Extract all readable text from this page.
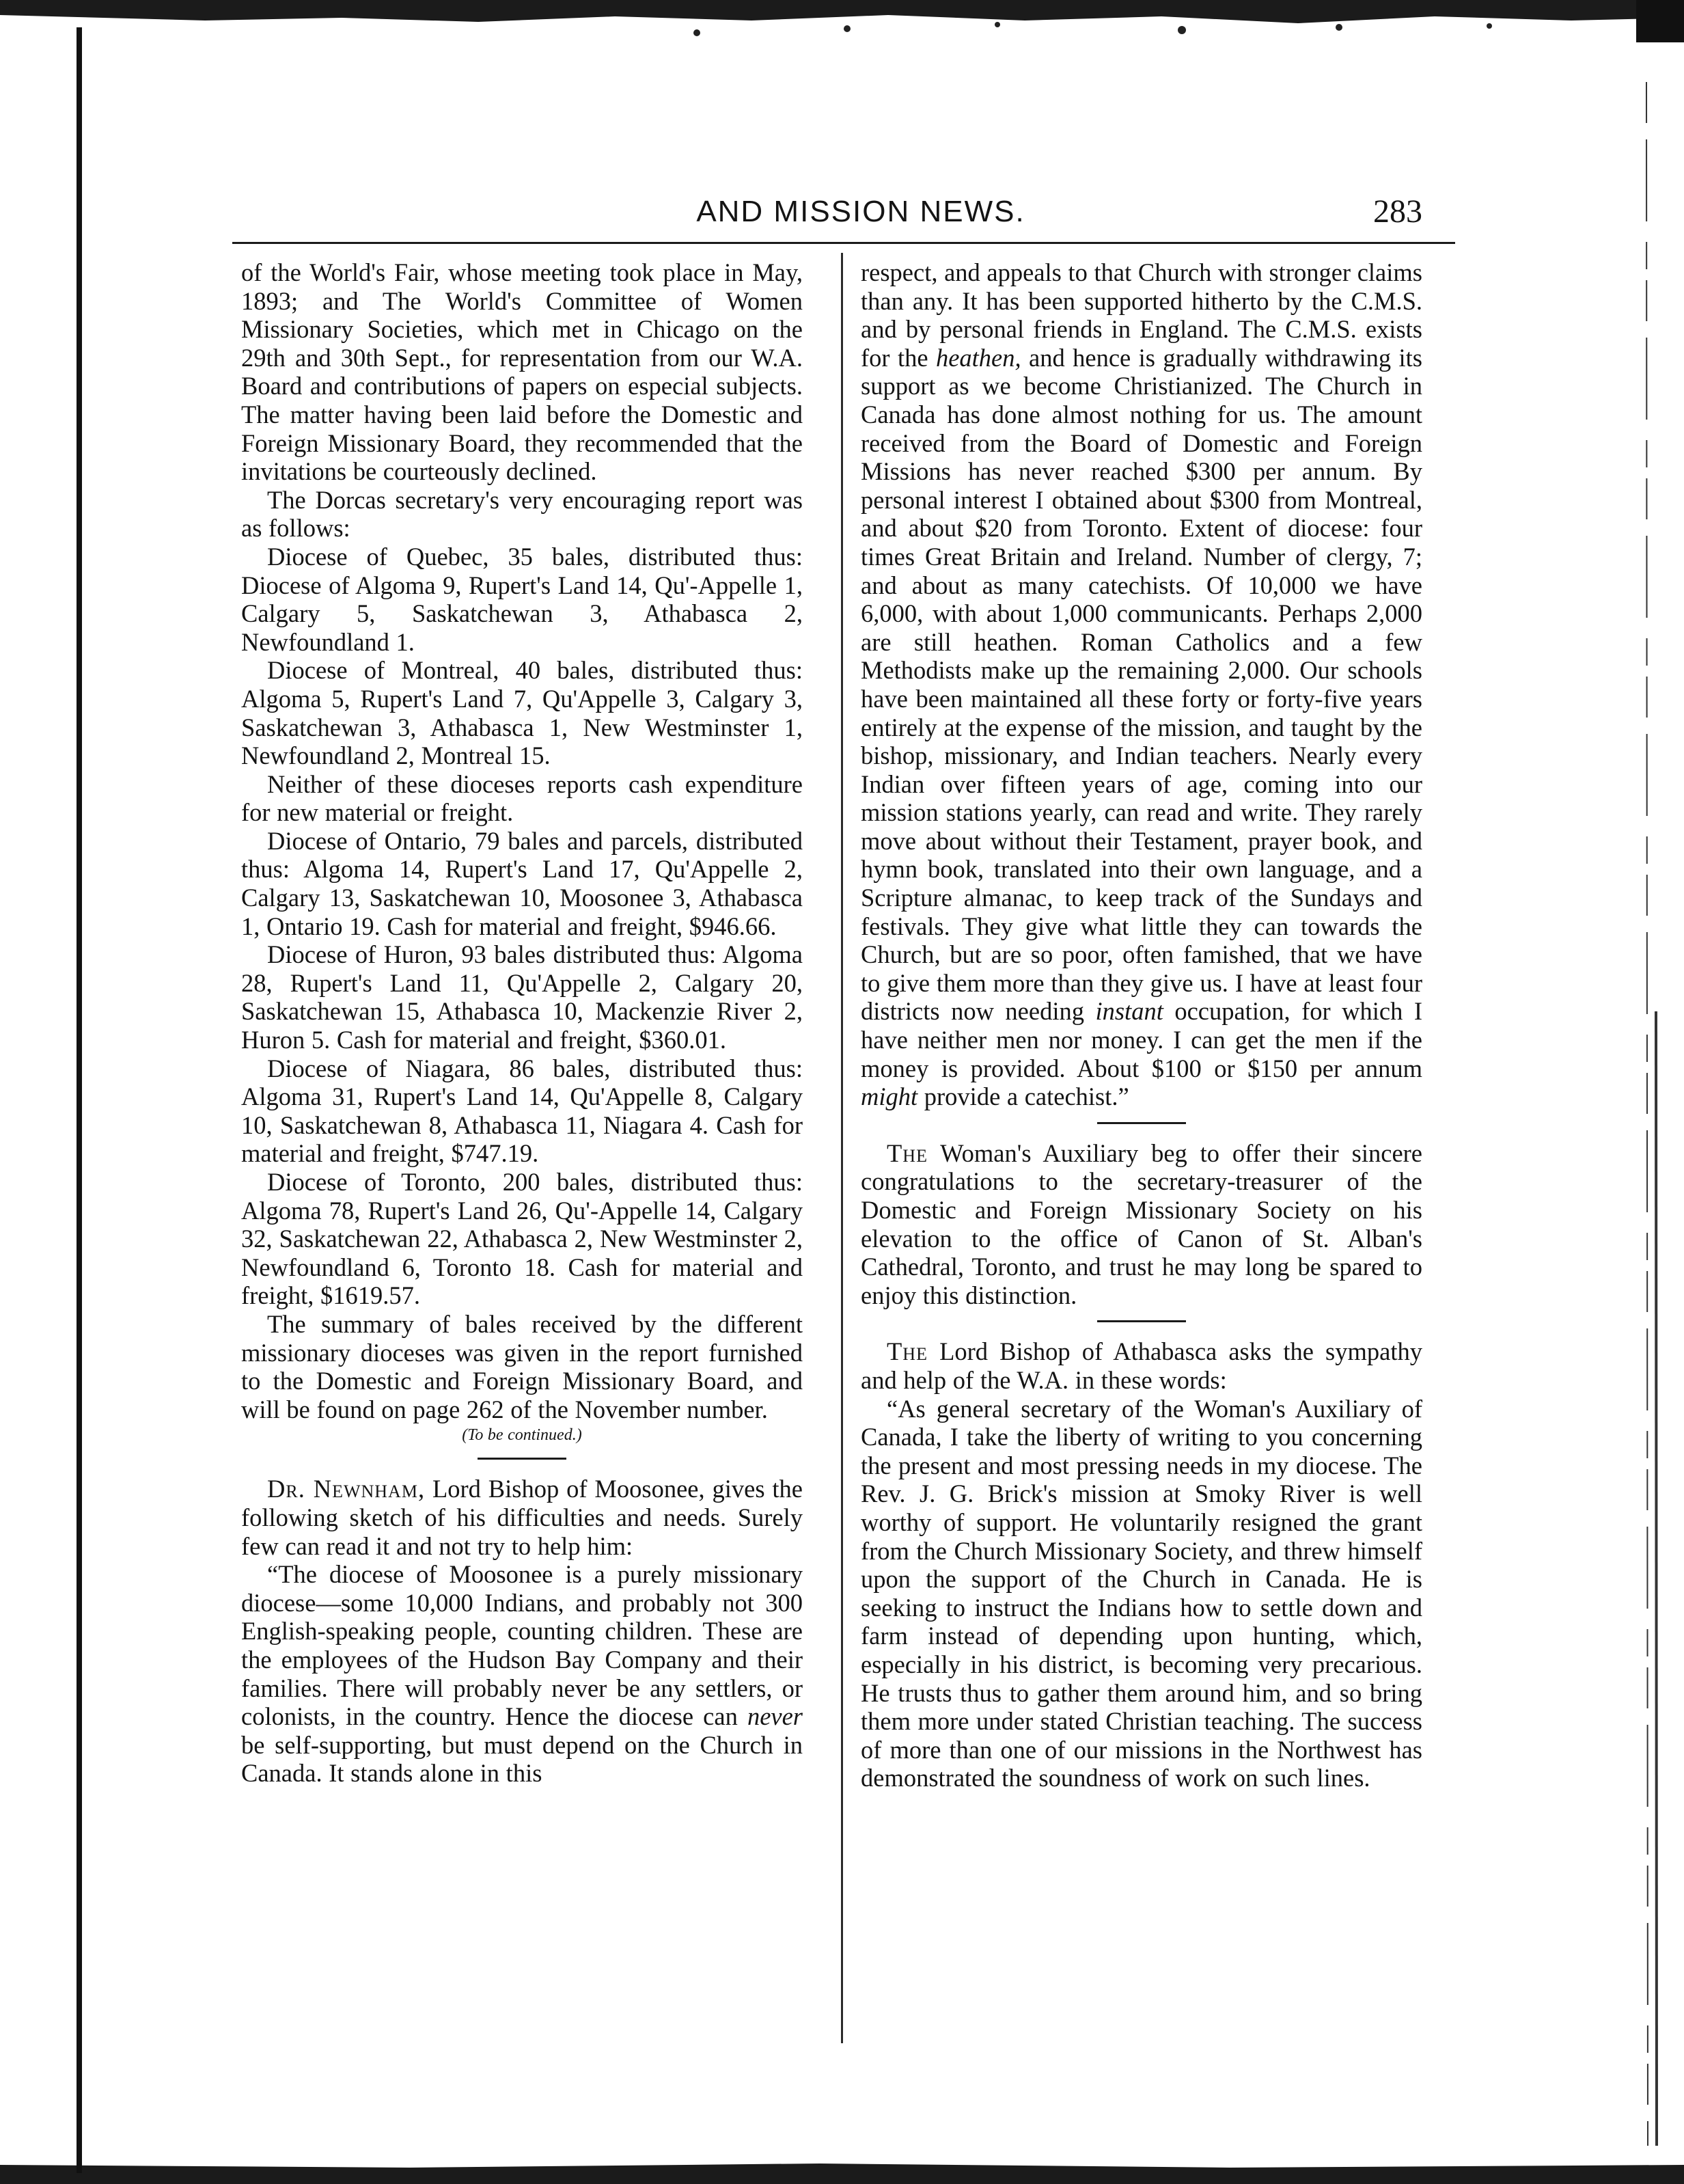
AND MISSION NEWS.	283

of the World's Fair, whose meeting took place in May, 1893; and The World's Committee of Women Missionary Societies, which met in Chicago on the 29th and 30th Sept., for representation from our W.A. Board and contributions of papers on especial subjects. The matter having been laid before the Domestic and Foreign Missionary Board, they recommended that the invitations be courteously declined.

The Dorcas secretary's very encouraging report was as follows:

Diocese of Quebec, 35 bales, distributed thus: Diocese of Algoma 9, Rupert's Land 14, Qu'-Appelle 1, Calgary 5, Saskatchewan 3, Athabasca 2, Newfoundland 1.

Diocese of Montreal, 40 bales, distributed thus: Algoma 5, Rupert's Land 7, Qu'Appelle 3, Calgary 3, Saskatchewan 3, Athabasca 1, New Westminster 1, Newfoundland 2, Montreal 15.

Neither of these dioceses reports cash expenditure for new material or freight.

Diocese of Ontario, 79 bales and parcels, distributed thus: Algoma 14, Rupert's Land 17, Qu'Appelle 2, Calgary 13, Saskatchewan 10, Moosonee 3, Athabasca 1, Ontario 19. Cash for material and freight, $946.66.

Diocese of Huron, 93 bales distributed thus: Algoma 28, Rupert's Land 11, Qu'Appelle 2, Calgary 20, Saskatchewan 15, Athabasca 10, Mackenzie River 2, Huron 5. Cash for material and freight, $360.01.

Diocese of Niagara, 86 bales, distributed thus: Algoma 31, Rupert's Land 14, Qu'Appelle 8, Calgary 10, Saskatchewan 8, Athabasca 11, Niagara 4. Cash for material and freight, $747.19.

Diocese of Toronto, 200 bales, distributed thus: Algoma 78, Rupert's Land 26, Qu'-Appelle 14, Calgary 32, Saskatchewan 22, Athabasca 2, New Westminster 2, Newfoundland 6, Toronto 18. Cash for material and freight, $1619.57.

The summary of bales received by the different missionary dioceses was given in the report furnished to the Domestic and Foreign Missionary Board, and will be found on page 262 of the November number.

(To be continued.)

Dr. Newnham, Lord Bishop of Moosonee, gives the following sketch of his difficulties and needs. Surely few can read it and not try to help him:

“The diocese of Moosonee is a purely missionary diocese—some 10,000 Indians, and probably not 300 English-speaking people, counting children. These are the employees of the Hudson Bay Company and their families. There will probably never be any settlers, or colonists, in the country. Hence the diocese can never be self-supporting, but must depend on the Church in Canada. It stands alone in this

respect, and appeals to that Church with stronger claims than any. It has been supported hitherto by the C.M.S. and by personal friends in England. The C.M.S. exists for the heathen, and hence is gradually withdrawing its support as we become Christianized. The Church in Canada has done almost nothing for us. The amount received from the Board of Domestic and Foreign Missions has never reached $300 per annum. By personal interest I obtained about $300 from Montreal, and about $20 from Toronto. Extent of diocese: four times Great Britain and Ireland. Number of clergy, 7; and about as many catechists. Of 10,000 we have 6,000, with about 1,000 communicants. Perhaps 2,000 are still heathen. Roman Catholics and a few Methodists make up the remaining 2,000. Our schools have been maintained all these forty or forty-five years entirely at the expense of the mission, and taught by the bishop, missionary, and Indian teachers. Nearly every Indian over fifteen years of age, coming into our mission stations yearly, can read and write. They rarely move about without their Testament, prayer book, and hymn book, translated into their own language, and a Scripture almanac, to keep track of the Sundays and festivals. They give what little they can towards the Church, but are so poor, often famished, that we have to give them more than they give us. I have at least four districts now needing instant occupation, for which I have neither men nor money. I can get the men if the money is provided. About $100 or $150 per annum might provide a catechist.”

The Woman's Auxiliary beg to offer their sincere congratulations to the secretary-treasurer of the Domestic and Foreign Missionary Society on his elevation to the office of Canon of St. Alban's Cathedral, Toronto, and trust he may long be spared to enjoy this distinction.

The Lord Bishop of Athabasca asks the sympathy and help of the W.A. in these words:

“As general secretary of the Woman's Auxiliary of Canada, I take the liberty of writing to you concerning the present and most pressing needs in my diocese. The Rev. J. G. Brick's mission at Smoky River is well worthy of support. He voluntarily resigned the grant from the Church Missionary Society, and threw himself upon the support of the Church in Canada. He is seeking to instruct the Indians how to settle down and farm instead of depending upon hunting, which, especially in his district, is becoming very precarious. He trusts thus to gather them around him, and so bring them more under stated Christian teaching. The success of more than one of our missions in the Northwest has demonstrated the soundness of work on such lines.
